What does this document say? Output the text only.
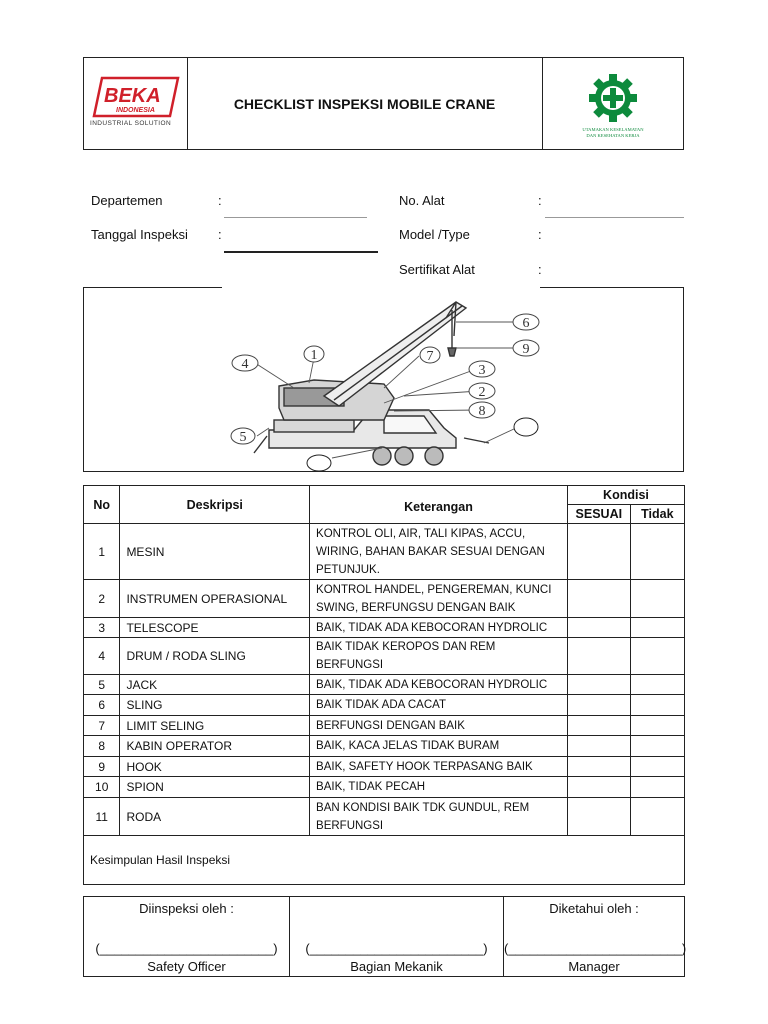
BEKA
INDONESIA
INDUSTRIAL SOLUTION
CHECKLIST INSPEKSI MOBILE CRANE
UTAMAKAN KESELAMATAN
DAN KESEHATAN KERJA
Departemen	:
Tanggal Inspeksi :
No. Alat	:
Model /Type	:
Sertifikat Alat	:
1
2
3
4
5
6
7
8
9
No	Deskripsi	Keterangan	Kondisi	
			SESUAI	Tidak
1	MESIN	KONTROL OLI, AIR, TALI KIPAS, ACCU, WIRING, BAHAN BAKAR SESUAI DENGAN PETUNJUK.		
2	INSTRUMEN OPERASIONAL	KONTROL HANDEL, PENGEREMAN, KUNCI SWING, BERFUNGSU DENGAN BAIK		
3	TELESCOPE	BAIK, TIDAK ADA KEBOCORAN HYDROLIC		
4	DRUM / RODA SLING	BAIK TIDAK KEROPOS DAN REM BERFUNGSI		
5	JACK	BAIK, TIDAK ADA KEBOCORAN HYDROLIC		
6	SLING	BAIK TIDAK ADA CACAT		
7	LIMIT SELING	BERFUNGSI DENGAN BAIK		
8	KABIN OPERATOR	BAIK, KACA JELAS TIDAK BURAM		
9	HOOK	BAIK, SAFETY HOOK TERPASANG BAIK		
10	SPION	BAIK, TIDAK PECAH		
11	RODA	BAN KONDISI BAIK TDK GUNDUL, REM BERFUNGSI		
Kesimpulan Hasil Inspeksi				
Diinspeksi oleh :
(________________________)
Safety Officer

(________________________)
Bagian Mekanik

Diketahui oleh :
(________________________)
Manager
